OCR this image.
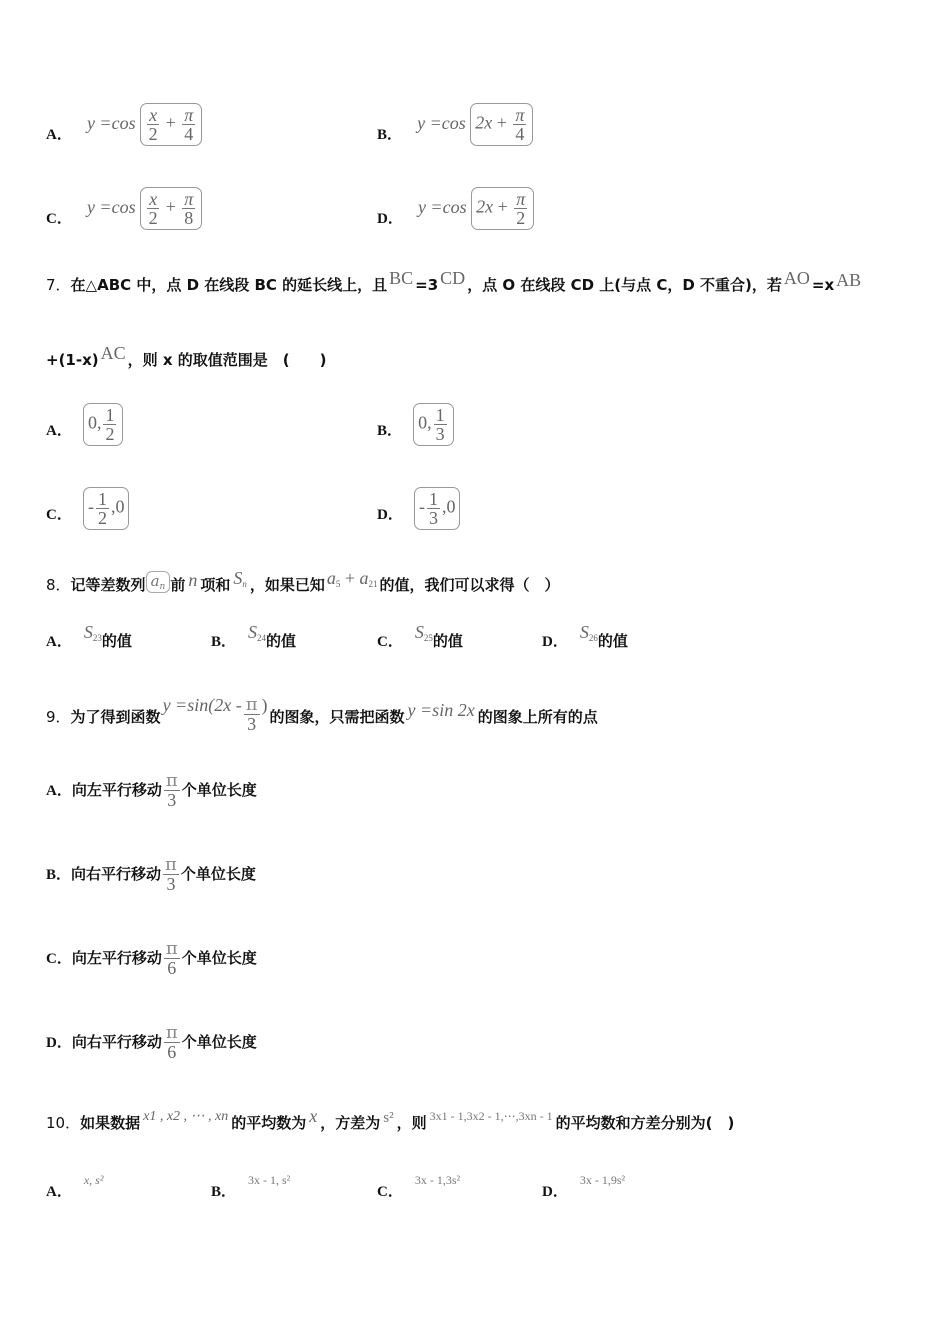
A． $y =\cos \frac{x}{2} + \frac{\pi}{4}$	B． y =cos $2x + \frac{\pi}{4}$
C． $y =\cos \frac{x}{2} + \frac{\pi}{8}$	D． y =cos $2x + \frac{\pi}{2}$
7．在△ABC 中，点 D 在线段 BC 的延长线上，且 BC =3 CD ，点 O 在线段 CD 上(与点 C，D 不重合)，若 AO =x AB
+(1-x) AC ，则 x 的取值范围是　(　　)
A． 0, $\frac{1}{2}$	B． 0, $\frac{1}{3}$
C． - $\frac{1}{2} ,0$	D． - $\frac{1}{3} ,0$
8．记等差数列 $a_n$ 前 n 项和 $S_n$ ，如果已知 $a_5 + a_{21}$ 的值，我们可以求得（　）
A． $S_{23}$的值	B． $S_{24}$的值	C． $S_{25}$的值	D． $S_{26}$的值
9．为了得到函数$y =\sin(2x - \frac{\pi}{3}$ )的图象，只需把函数 y =sin 2x 的图象上所有的点
A．向左平行移动 $\frac{\pi}{3}$ 个单位长度
B．向右平行移动 $\frac{\pi}{3}$ 个单位长度
C．向左平行移动 $\frac{\pi}{6}$ 个单位长度
D．向右平行移动 $\frac{\pi}{6}$ 个单位长度
10．如果数据 x1 , x2 , ⋯ , xn 的平均数为 x ，方差为 s² ，则 $^{3x1 - 1,3x2 - 1,\cdots,3xn - 1}$ 的平均数和方差分别为(　)
A．x, s²
B．3x - 1, s²
C．3x - 1,3s²
D．3x - 1,9s²
